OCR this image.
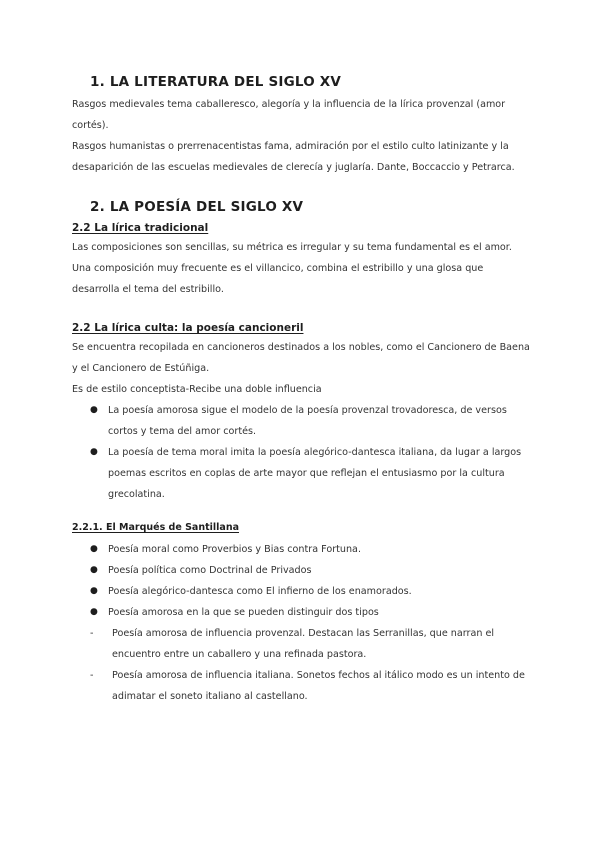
1. LA LITERATURA DEL SIGLO XV

Rasgos medievales tema caballeresco, alegoría y la influencia de la lírica provenzal (amor cortés).

Rasgos humanistas o prerrenacentistas fama, admiración por el estilo culto latinizante y la desaparición de las escuelas medievales de clerecía y juglaría. Dante, Boccaccio y Petrarca.

2. LA POESÍA DEL SIGLO XV
2.2 La lírica tradicional

Las composiciones son sencillas, su métrica es irregular y su tema fundamental es el amor. Una composición muy frecuente es el villancico, combina el estribillo y una glosa que desarrolla el tema del estribillo.

2.2 La lírica culta: la poesía cancioneril

Se encuentra recopilada en cancioneros destinados a los nobles, como el Cancionero de Baena y el Cancionero de Estúñiga.

Es de estilo conceptista-Recibe una doble influencia

● La poesía amorosa sigue el modelo de la poesía provenzal trovadoresca, de versos cortos y tema del amor cortés.
● La poesía de tema moral imita la poesía alegórico-dantesca italiana, da lugar a largos poemas escritos en coplas de arte mayor que reflejan el entusiasmo por la cultura grecolatina.
2.2.1. El Marqués de Santillana
● Poesía moral como Proverbios y Bias contra Fortuna.
● Poesía política como Doctrinal de Privados
● Poesía alegórico-dantesca como El infierno de los enamorados.
● Poesía amorosa en la que se pueden distinguir dos tipos
- Poesía amorosa de influencia provenzal. Destacan las Serranillas, que narran el encuentro entre un caballero y una refinada pastora.
- Poesía amorosa de influencia italiana. Sonetos fechos al itálico modo es un intento de adimatar el soneto italiano al castellano.
